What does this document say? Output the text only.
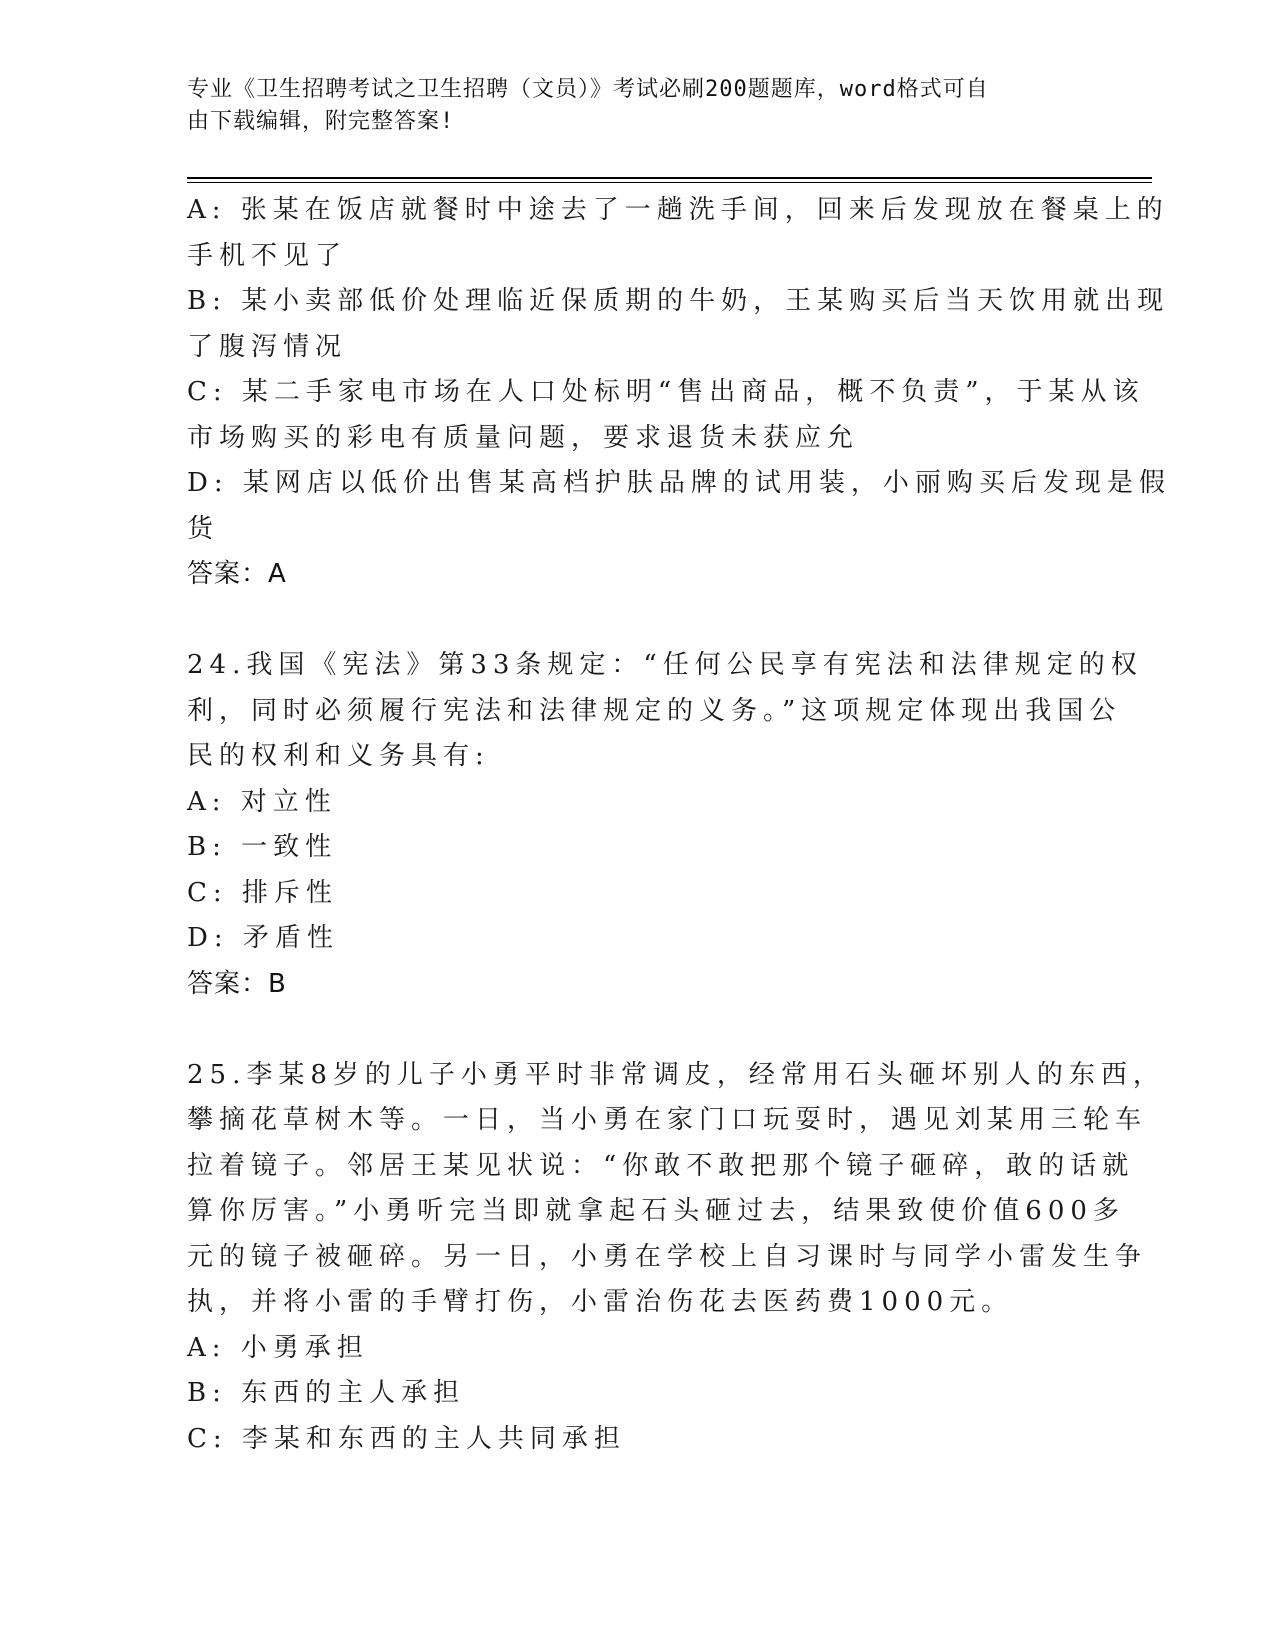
专业《卫生招聘考试之卫生招聘（文员）》考试必刷200题题库，word格式可自
由下载编辑，附完整答案!
A: 张某在饭店就餐时中途去了一趟洗手间，回来后发现放在餐桌上的
手机不见了
B: 某小卖部低价处理临近保质期的牛奶，王某购买后当天饮用就出现
了腹泻情况
C: 某二手家电市场在人口处标明“售出商品，概不负责”，于某从该
市场购买的彩电有质量问题，要求退货未获应允
D: 某网店以低价出售某高档护肤品牌的试用装，小丽购买后发现是假
货
答案：A
24.我国《宪法》第33条规定：“任何公民享有宪法和法律规定的权
利，同时必须履行宪法和法律规定的义务。”这项规定体现出我国公
民的权利和义务具有:
A: 对立性
B: 一致性
C: 排斥性
D: 矛盾性
答案：B
25.李某8岁的儿子小勇平时非常调皮，经常用石头砸坏别人的东西，
攀摘花草树木等。一日，当小勇在家门口玩耍时，遇见刘某用三轮车
拉着镜子。邻居王某见状说：“你敢不敢把那个镜子砸碎，敢的话就
算你厉害。”小勇听完当即就拿起石头砸过去，结果致使价值600多
元的镜子被砸碎。另一日，小勇在学校上自习课时与同学小雷发生争
执，并将小雷的手臂打伤，小雷治伤花去医药费1000元。
A: 小勇承担
B: 东西的主人承担
C: 李某和东西的主人共同承担
